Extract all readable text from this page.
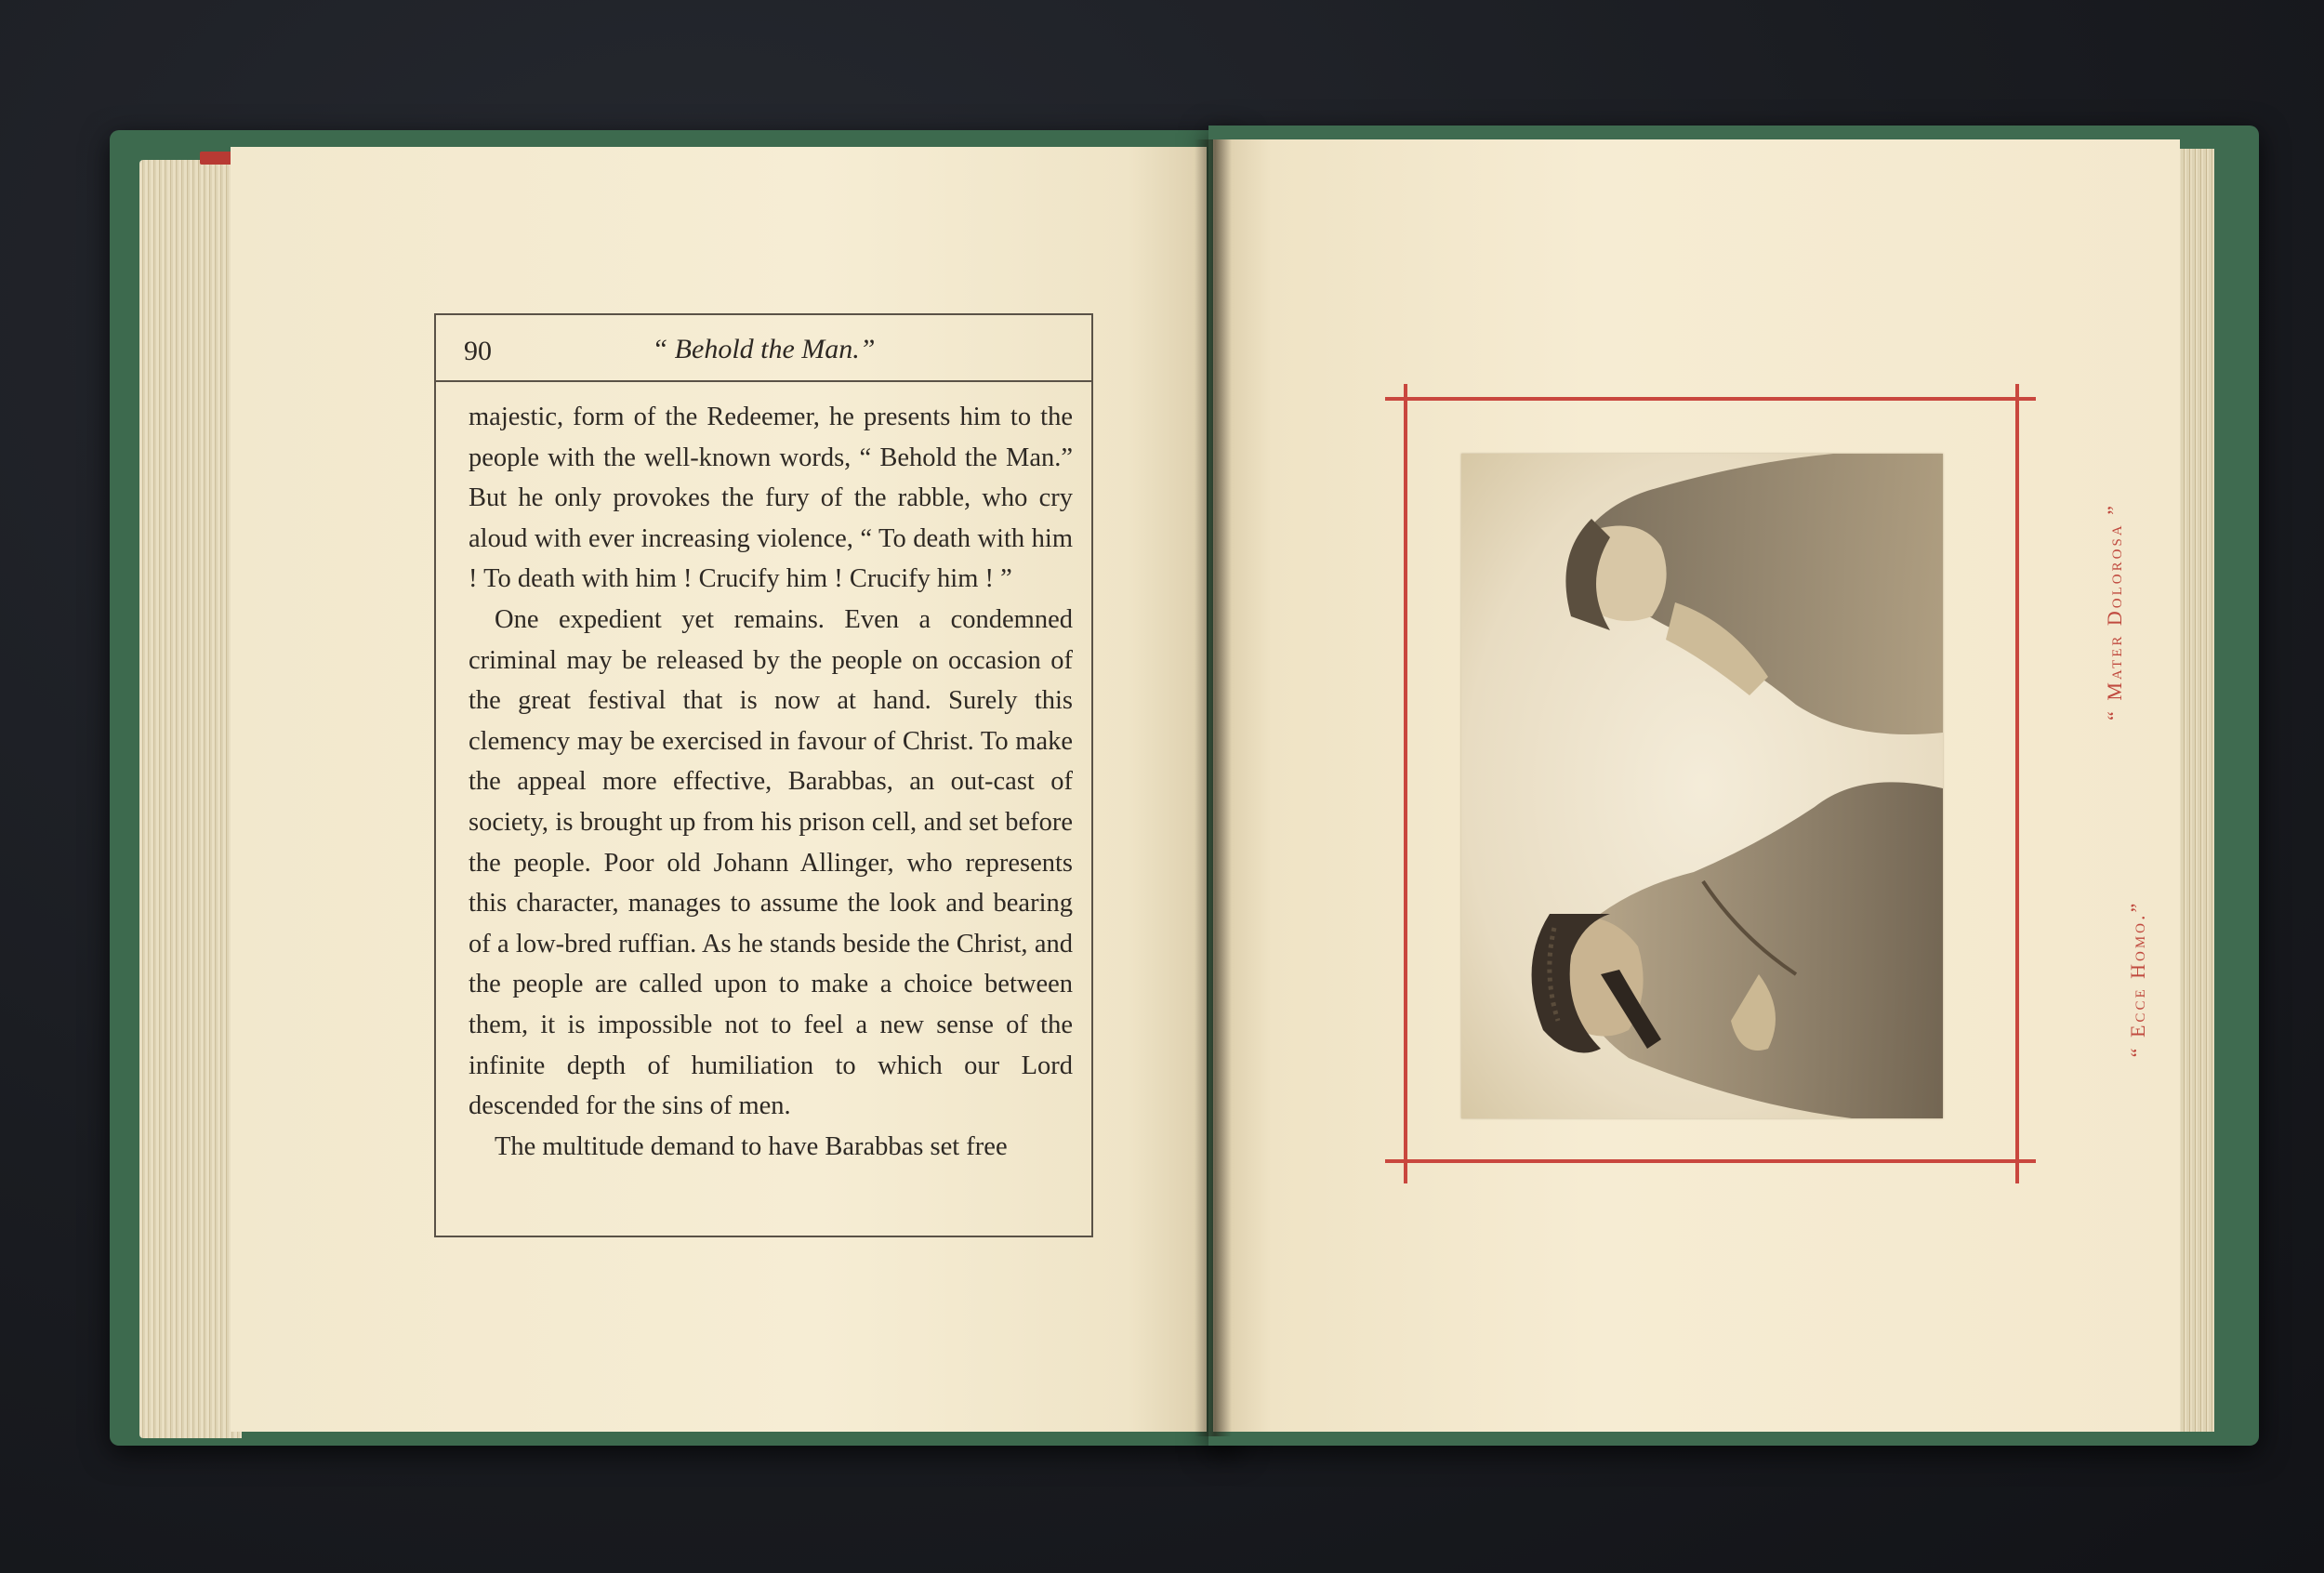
90	“ Behold the Man.”

majestic, form of the Redeemer, he presents him to the people with the well-known words, “ Behold the Man.” But he only provokes the fury of the rabble, who cry aloud with ever increasing violence, “ To death with him ! To death with him ! Crucify him ! Crucify him ! ”

One expedient yet remains. Even a condemned criminal may be released by the people on occasion of the great festival that is now at hand. Surely this clemency may be exercised in favour of Christ. To make the appeal more effective, Barabbas, an out-cast of society, is brought up from his prison cell, and set before the people. Poor old Johann Allinger, who represents this character, manages to assume the look and bearing of a low-bred ruffian. As he stands beside the Christ, and the people are called upon to make a choice between them, it is impossible not to feel a new sense of the infinite depth of humiliation to which our Lord descended for the sins of men.

The multitude demand to have Barabbas set free

“ Ecce Homo.”
“ Mater Dolorosa ”
